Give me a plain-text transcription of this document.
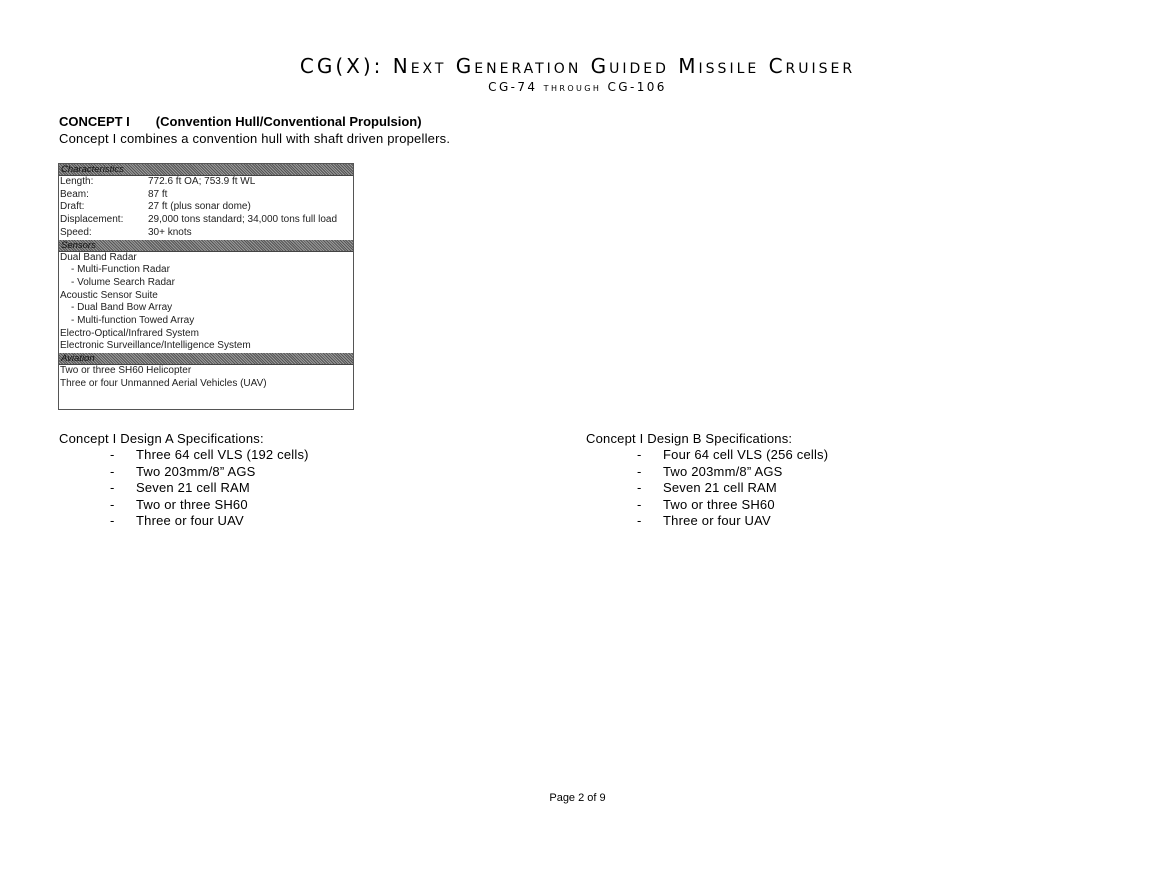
CG(X): Next Generation Guided Missile Cruiser
CG-74 through CG-106
CONCEPT I (Convention Hull/Conventional Propulsion)
Concept I combines a convention hull with shaft driven propellers.
Characteristics
Length:	772.6 ft OA; 753.9 ft WL
Beam:	87 ft
Draft:	27 ft (plus sonar dome)
Displacement:	29,000 tons standard; 34,000 tons full load
Speed:	30+ knots
Sensors
Dual Band Radar
- Multi-Function Radar
- Volume Search Radar
Acoustic Sensor Suite
- Dual Band Bow Array
- Multi-function Towed Array
Electro-Optical/Infrared System
Electronic Surveillance/Intelligence System
Aviation
Two or three SH60 Helicopter
Three or four Unmanned Aerial Vehicles (UAV)
Concept I Design A Specifications:
- Three 64 cell VLS (192 cells)
- Two 203mm/8” AGS
- Seven 21 cell RAM
- Two or three SH60
- Three or four UAV
Concept I Design B Specifications:
- Four 64 cell VLS (256 cells)
- Two 203mm/8” AGS
- Seven 21 cell RAM
- Two or three SH60
- Three or four UAV
Page 2 of 9
